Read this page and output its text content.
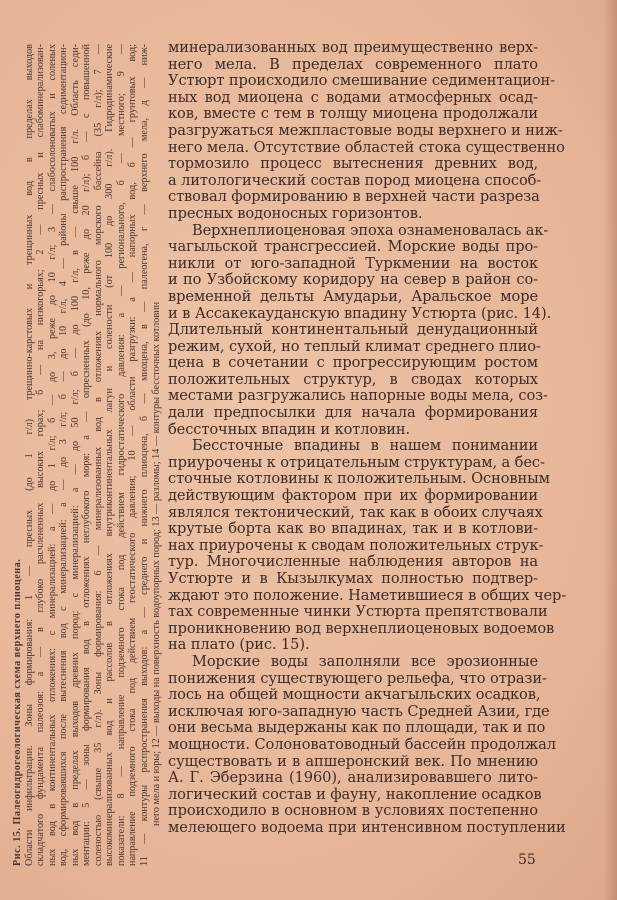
Рис. 15. Палеогидрогеологическая схема верхнего плиоцена. Области инфильтрации. Зоны формирования: 1 — пресных (до 1 г/л) трещинно-карстовых и трещинных вод в пределах выходов складчатого фундамента палеозоя: а — в глубоко расчлененных высоких горах; б — на низкогорьях; 2 — пресных и слабоминерализован- ных вод в континентальных отложениях: с минерализацией: а — до 1 г/л; б — до 3, реже до 10 г/л; 3 — слабосолоноватых и соленых вод, сформировавшихся после вытеснения вод с минерализацией: а — до 3 г/л; б — до 10 г/л, 4 — районы распространения седиментацион- ных вод в пределах выходов древних пород: с минерализацией: а — до 50 г/л; б — до 100 г/л, в — свыше 100 г/л. Область седи- ментации: 5 — зоны формирования вод в отложениях неглубокого моря: а — опресненных (до 10, реже до 20 г/л); б — с повышенной соленостью (свыше 35 г/л). Зоны формирования: 6 — минерализованных вод в отложениях нормального морского бассейна (35 г/л); 7 — высокоминерализованных вод и рассолов в отложениях внутриконтинентальных лагун и солености (от 100 до 300 г/л). Гидродинамические показатели: 8 — направление подземного стока под действием гидростатического давления: а — регионального, б — местного; 9 — направление подземного стока под действием геостатического давления; 10 — области разгрузки: а — напорных вод, б — грунтовых вод; 11 — контуры распространения выходов: а — среднего и нижнего плиоцена, б — миоцена, в — палеогена, г — верхнего мела, д — ниж- него мела и юры; 12 — выходы на поверхность водоупорных пород; 13 — разломы; 14 — контуры бессточных котловин
минерализованных вод преимущественно верх-
него мела. В пределах современного плато
Устюрт происходило смешивание седиментацион-
ных вод миоцена с водами атмосферных осад-
ков, вместе с тем в толщу миоцена продолжали
разгружаться межпластовые воды верхнего и ниж-
него мела. Отсутствие областей стока существенно
тормозило процесс вытеснения древних вод,
а литологический состав пород миоцена способ-
ствовал формированию в верхней части разреза
пресных водоносных горизонтов.
Верхнеплиоценовая эпоха ознаменовалась ак-
чагыльской трансгрессией. Морские воды про-
никли от юго-западной Туркмении на восток
и по Узбойскому коридору на север в район со-
временной дельты Амударьи, Аральское море
и в Ассакекауданскую впадину Устюрта (рис. 14).
Длительный континентальный денудационный
режим, сухой, но теплый климат среднего плио-
цена в сочетании с прогрессирующим ростом
положительных структур, в сводах которых
местами разгружались напорные воды мела, соз-
дали предпосылки для начала формирования
бессточных впадин и котловин.
Бессточные впадины в нашем понимании
приурочены к отрицательным структурам, а бес-
сточные котловины к положительным. Основным
действующим фактором при их формировании
являлся тектонический, так как в обоих случаях
крутые борта как во впадинах, так и в котлови-
нах приурочены к сводам положительных струк-
тур. Многочисленные наблюдения авторов на
Устюрте и в Кызылкумах полностью подтвер-
ждают это положение. Наметившиеся в общих чер-
тах современные чинки Устюрта препятствовали
проникновению вод верхнеплиоценовых водоемов
на плато (рис. 15).
Морские воды заполняли все эрозионные
понижения существующего рельефа, что отрази-
лось на общей мощности акчагыльских осадков,
исключая юго-западную часть Средней Азии, где
они весьма выдержаны как по площади, так и по
мощности. Солоноватоводный бассейн продолжал
существовать и в апшеронский век. По мнению
А. Г. Эберзина (1960), анализировавшего лито-
логический состав и фауну, накопление осадков
происходило в основном в условиях постепенно
мелеющего водоема при интенсивном поступлении
55
